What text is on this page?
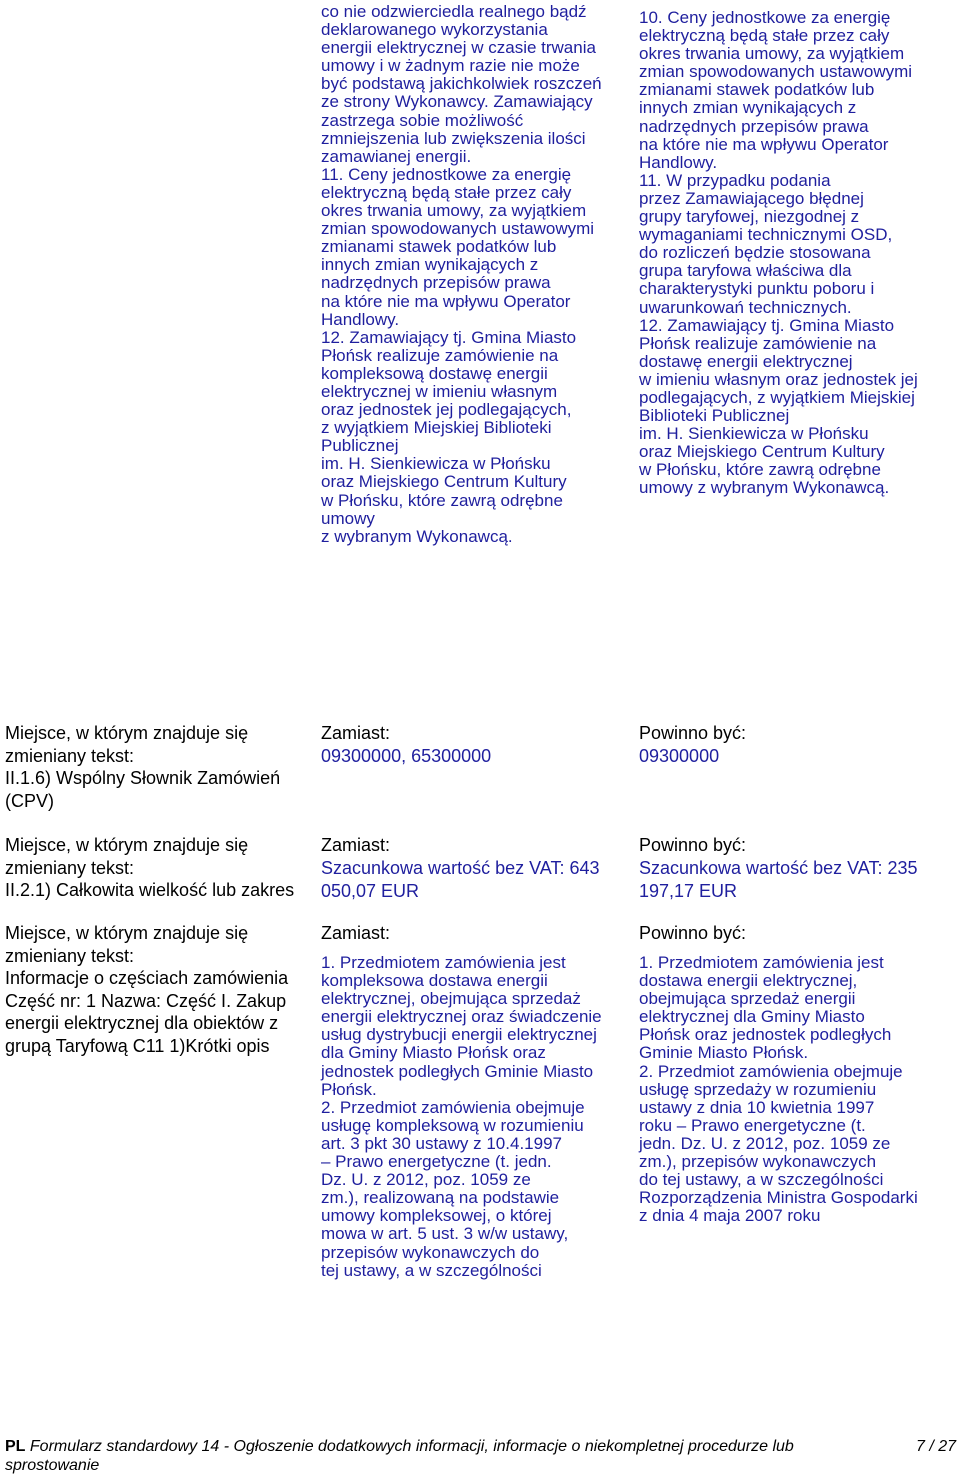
co nie odzwierciedla realnego bądź
deklarowanego wykorzystania
energii elektrycznej w czasie trwania
umowy i w żadnym razie nie może
być podstawą jakichkolwiek roszczeń
ze strony Wykonawcy. Zamawiający
zastrzega sobie możliwość
zmniejszenia lub zwiększenia ilości
zamawianej energii.
11. Ceny jednostkowe za energię
elektryczną będą stałe przez cały
okres trwania umowy, za wyjątkiem
zmian spowodowanych ustawowymi
zmianami stawek podatków lub
innych zmian wynikających z
nadrzędnych przepisów prawa
na które nie ma wpływu Operator
Handlowy.
12. Zamawiający tj. Gmina Miasto
Płońsk realizuje zamówienie na
kompleksową dostawę energii
elektrycznej w imieniu własnym
oraz jednostek jej podlegających,
z wyjątkiem Miejskiej Biblioteki
Publicznej
im. H. Sienkiewicza w Płońsku
oraz Miejskiego Centrum Kultury
w Płońsku, które zawrą odrębne
umowy
z wybranym Wykonawcą.
10. Ceny jednostkowe za energię
elektryczną będą stałe przez cały
okres trwania umowy, za wyjątkiem
zmian spowodowanych ustawowymi
zmianami stawek podatków lub
innych zmian wynikających z
nadrzędnych przepisów prawa
na które nie ma wpływu Operator
Handlowy.
11. W przypadku podania
przez Zamawiającego błędnej
grupy taryfowej, niezgodnej z
wymaganiami technicznymi OSD,
do rozliczeń będzie stosowana
grupa taryfowa właściwa dla
charakterystyki punktu poboru i
uwarunkowań technicznych.
12. Zamawiający tj. Gmina Miasto
Płońsk realizuje zamówienie na
dostawę energii elektrycznej
w imieniu własnym oraz jednostek jej
podlegających, z wyjątkiem Miejskiej
Biblioteki Publicznej
im. H. Sienkiewicza w Płońsku
oraz Miejskiego Centrum Kultury
w Płońsku, które zawrą odrębne
umowy z wybranym Wykonawcą.
Miejsce, w którym znajduje się
zmieniany tekst:
II.1.6) Wspólny Słownik Zamówień
(CPV)
Zamiast:
09300000, 65300000
Powinno być:
09300000
Miejsce, w którym znajduje się
zmieniany tekst:
II.2.1) Całkowita wielkość lub zakres
Zamiast:
Szacunkowa wartość bez VAT: 643
050,07 EUR
Powinno być:
Szacunkowa wartość bez VAT: 235
197,17 EUR
Miejsce, w którym znajduje się
zmieniany tekst:
Informacje o częściach zamówienia
Część nr: 1 Nazwa: Część I. Zakup
energii elektrycznej dla obiektów z
grupą Taryfową C11 1)Krótki opis
Zamiast:
1. Przedmiotem zamówienia jest
kompleksowa dostawa energii
elektrycznej, obejmująca sprzedaż
energii elektrycznej oraz świadczenie
usług dystrybucji energii elektrycznej
dla Gminy Miasto Płońsk oraz
jednostek podległych Gminie Miasto
Płońsk.
2. Przedmiot zamówienia obejmuje
usługę kompleksową w rozumieniu
art. 3 pkt 30 ustawy z 10.4.1997
– Prawo energetyczne (t. jedn.
Dz. U. z 2012, poz. 1059 ze
zm.), realizowaną na podstawie
umowy kompleksowej, o której
mowa w art. 5 ust. 3 w/w ustawy,
przepisów wykonawczych do
tej ustawy, a w szczególności
Powinno być:
1. Przedmiotem zamówienia jest
dostawa energii elektrycznej,
obejmująca sprzedaż energii
elektrycznej dla Gminy Miasto
Płońsk oraz jednostek podległych
Gminie Miasto Płońsk.
2. Przedmiot zamówienia obejmuje
usługę sprzedaży w rozumieniu
ustawy z dnia 10 kwietnia 1997
roku – Prawo energetyczne (t.
jedn. Dz. U. z 2012, poz. 1059 ze
zm.), przepisów wykonawczych
do tej ustawy, a w szczególności
Rozporządzenia Ministra Gospodarki
z dnia 4 maja 2007 roku
PL Formularz standardowy 14 - Ogłoszenie dodatkowych informacji, informacje o niekompletnej procedurze lub
sprostowanie
7 / 27
